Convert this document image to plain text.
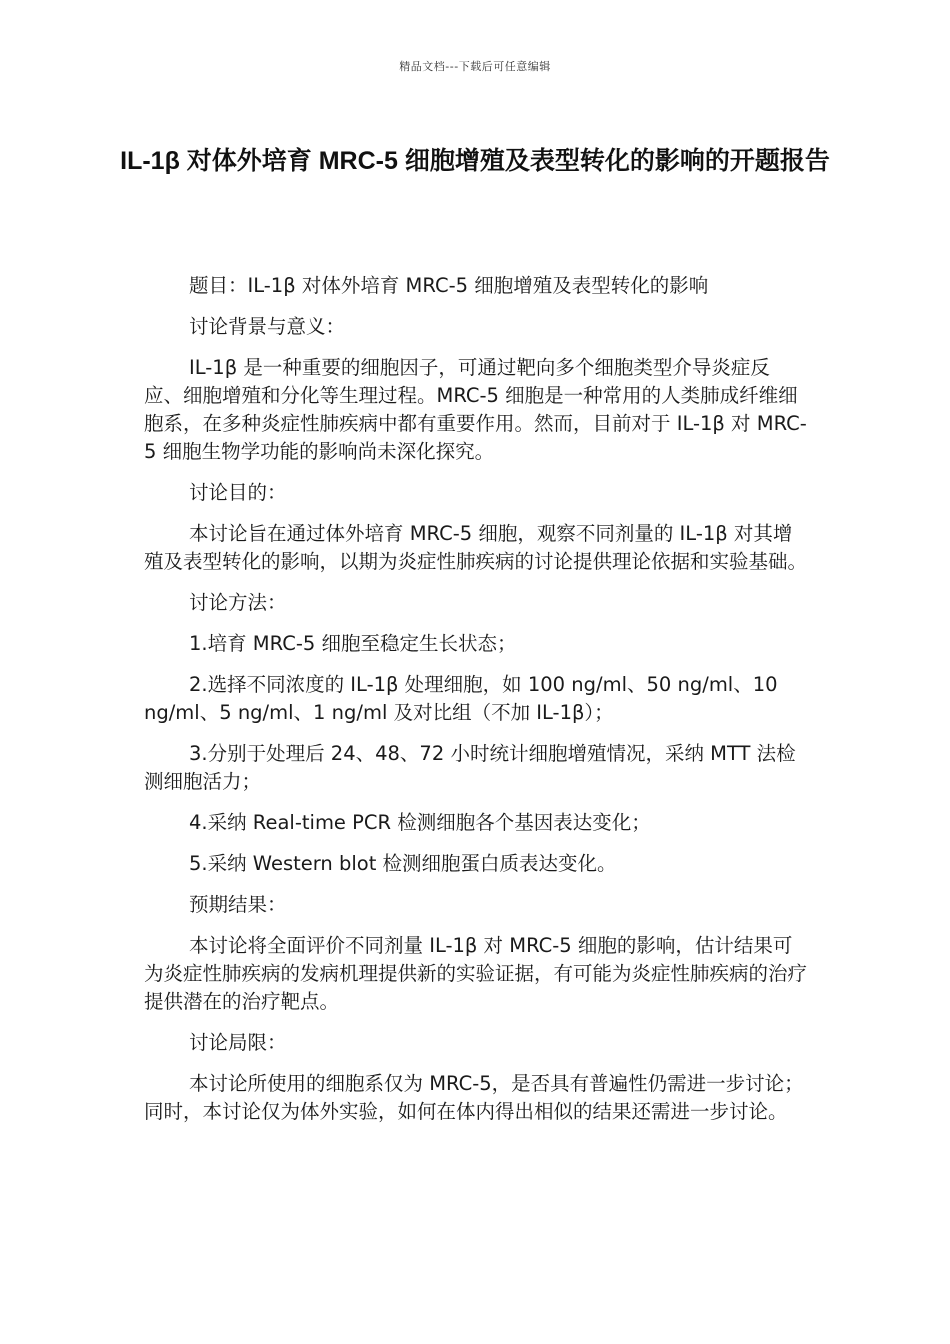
精品文档---下载后可任意编辑
IL-1β 对体外培育 MRC-5 细胞增殖及表型转化的影响的开题报告

题目：IL-1β 对体外培育 MRC-5 细胞增殖及表型转化的影响

讨论背景与意义：

IL-1β 是一种重要的细胞因子，可通过靶向多个细胞类型介导炎症反应、细胞增殖和分化等生理过程。MRC-5 细胞是一种常用的人类肺成纤维细胞系，在多种炎症性肺疾病中都有重要作用。然而，目前对于 IL-1β 对 MRC-5 细胞生物学功能的影响尚未深化探究。

讨论目的：

本讨论旨在通过体外培育 MRC-5 细胞，观察不同剂量的 IL-1β 对其增殖及表型转化的影响，以期为炎症性肺疾病的讨论提供理论依据和实验基础。

讨论方法：

1.培育 MRC-5 细胞至稳定生长状态；

2.选择不同浓度的 IL-1β 处理细胞，如 100 ng/ml、50 ng/ml、10 ng/ml、5 ng/ml、1 ng/ml 及对比组（不加 IL-1β）；

3.分别于处理后 24、48、72 小时统计细胞增殖情况，采纳 MTT 法检测细胞活力；

4.采纳 Real-time PCR 检测细胞各个基因表达变化；

5.采纳 Western blot 检测细胞蛋白质表达变化。

预期结果：

本讨论将全面评价不同剂量 IL-1β 对 MRC-5 细胞的影响，估计结果可为炎症性肺疾病的发病机理提供新的实验证据，有可能为炎症性肺疾病的治疗提供潜在的治疗靶点。

讨论局限：

本讨论所使用的细胞系仅为 MRC-5，是否具有普遍性仍需进一步讨论；同时，本讨论仅为体外实验，如何在体内得出相似的结果还需进一步讨论。
